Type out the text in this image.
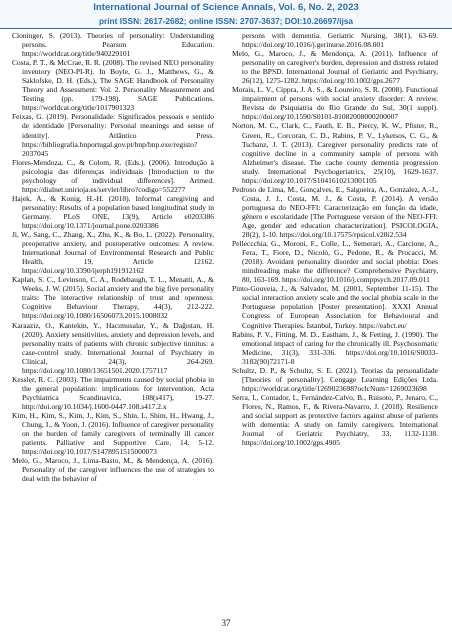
International Journal of Science Annals, Vol. 6, No. 2, 2023
print ISSN: 2617-2682; online ISSN: 2707-3637; DOI:10.26697/ijsa

Cloninger, S. (2013). Theories of personality: Understanding persons. Pearson Education. https://worldcat.org/title/940229101

Costa, P. T., & McCrae, R. R. (2008). The revised NEO personality inventory (NEO-PI-R). In Boyle, G. J., Matthews, G., & Saklofske, D. H. (Eds.), The SAGE Handbook of Personality Theory and Assessment: Vol. 2. Personality Measurement and Testing (pp. 179-198). SAGE Publications. https://worldcat.org/title/1017901323

Feixas, G. (2019). Personalidade: Significados pessoais e sentido de identidade [Personality: Personal meanings and sense of identity]. Atlântico Press. https://bibliografia.bnportugal.gov.pt/bnp/bnp.exe/registo?2037045

Flores-Mendoza, C., & Colom, R. (Eds.). (2006). Introdução à psicologia das diferenças individuais [Introduction to the psychology of individual differences]. Artmed. https://dialnet.unirioja.es/servlet/libro?codigo=552277

Hajek, A., & Konig, H.-H. (2018). Informal caregiving and personality: Results of a population based longitudinal study in Germany. PLoS ONE, 13(9), Article e0203386 https://doi.org/10.1371/journal.pone.0203386

Ji, W., Sang, C., Zhang, X., Zhu, K., & Bo, L. (2022). Personality, preoperative anxiety, and postoperative outcomes: A review. International Journal of Environmental Research and Public Health, 19, Article 12162. https://doi.org/10.3390/ijerph191912162

Kaplan, S. C., Levinson, C. A., Rodebaugh, T. L., Menatti, A., & Weeks, J. W. (2015). Social anxiety and the big five personality traits: The interactive relationship of trust and openness. Cognitive Behaviour Therapy, 44(3), 212-222. https://doi.org/10.1080/16506073.2015.1008032

Karaaziz, O., Kantekin, Y., Hacımusalar, Y., & Dağıstan, H. (2020). Anxiety sensitivities, anxiety and depression levels, and personality traits of patients with chronic subjective tinnitus: a case-control study. International Journal of Psychiatry in Clinical, 24(3), 264-269. https://doi.org/10.1080/13651501.2020.1757117

Kessler, R. C. (2003). The impairments caused by social phobia in the general population: implications for intervention. Acta Psychiatrica Scandinavica, 108(s417), 19-27. http://doi.org/10.1034/j.1600-0447.108.s417.2.x

Kim, H., Kim, S., Kim, J., Kim, S., Shin, I., Shim, H., Hwang, J., Chung, I., & Yoon, J. (2016). Influence of caregiver personality on the burden of family caregivers of terminally ill cancer patients. Palliative and Supportive Care, 14, 5-12. https://doi.org/10.1017/S1478951515000073

Melo, G., Maroco, J., Lima-Basto, M., & Mendonça, A. (2016). Personality of the caregiver influences the use of strategies to deal with the behavior of

persons with dementia. Geriatric Nursing, 38(1), 63-69. https://doi.org/10.1016/j.gerinurse.2016.08.001

Melo, G., Maroco, J., & Mendonça, A. (2011). Influence of personality on caregiver's burden, depression and distress related to the BPSD. International Journal of Geriatric and Psychiatry, 26(12), 1275-1282. https://doi.org/10.1002/gps.2677

Morais, L. V., Cippra, J. A. S., & Loureiro, S. R. (2008). Functional impairment of persons with social anxiety disorder: A review. Revista de Psiquiatria do Rio Grande do Sul, 30(1 suppl). https://doi.org/10.1590/S0101-81082008000200007

Norton, M. C., Clark, C., Fauth, E. B., Piercy, K. W., Pfister, R., Green, R., Corcoran, C. D., Rabins, P. V., Lyketsos, C. G., & Tschanz, J. T. (2013). Caregiver personality predicts rate of cognitive decline in a community sample of persons with Alzheimer's disease. The cache county dementia progression study. International Psychogeriatrics, 25(10), 1629-1637. https://doi.org/10.1017/S1041610213001105

Pedroso de Lima, M., Gonçalves, E., Salgueira, A., Gonzalez, A.-J., Costa, J. J., Costa, M. J., & Costa, P. (2014). A versão portuguesa do NEO-FFI: Caracterização em função da idade, gênero e escolaridade [The Portuguese version of the NEO-FFI: Age, gender and education characterization]. PSICOLOGIA, 28(2), 1-10. https://doi.org/10.17575/rpsicol.v28i2.534

Pelleccchia, G., Moroni, F., Colle, L., Semerari, A., Carcione, A., Fera, T., Fiore, D., Nicolò, G., Pedone, R., & Procacci, M. (2018). Avoidant personality disorder and social phobia: Does mindreading make the difference? Comprehensive Psychiatry, 80, 163-169. https://doi.org/10.1016/j.comppsych.2017.09.011

Pinto-Gouveia, J., & Salvador, M. (2001, September 11-15). The social interaction anxiety scale and the social phobia scale in the Portuguese population [Poster presentation]. XXXI Annual Congress of European Association for Behavioural and Cognitive Therapies. İstanbul, Turkey. https://eabct.eu/

Rabins, P. V., Fitting, M. D., Eastham, J., & Fetting, J. (1990). The emotional impact of caring for the chronically ill. Psychosomatic Medicine, 31(3), 331-336. https://doi.org/10.1016/S0033-3182(90)72171-8

Schultz, D. P., & Schultz, S. E. (2021). Teorias da personalidade [Theories of personality]. Cengage Learning Edições Ltda. https://worldcat.org/title/1269023698?oclcNum=1269023698

Serra, I., Contador, I., Fernández-Calvo, B., Ruisoto, P., Jenaro, C., Flores, N., Ramos, F., & Rivera-Navarro, J. (2018). Resilience and social support as protective factors against abuse of patients with dementia: A study on family caregivers. International Journal of Geriatric Psychiatry, 33, 1132-1138. https://doi.org/10.1002/gps.4905

37
